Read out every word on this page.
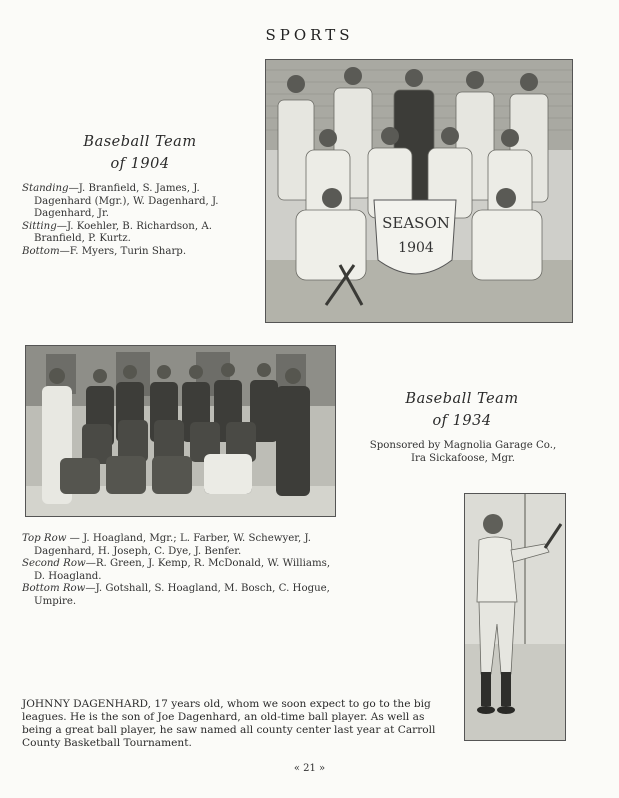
SPORTS
SEASON
1904
Baseball Team
of 1904
Standing—J. Branfield, S. James, J. Dagenhard (Mgr.), W. Dagenhard, J. Dagenhard, Jr.
Sitting—J. Koehler, B. Richardson, A. Branfield, P. Kurtz.
Bottom—F. Myers, Turin Sharp.
Baseball Team
of 1934
Sponsored by Magnolia Garage Co.,
Ira Sickafoose, Mgr.
Top Row — J. Hoagland, Mgr.; L. Farber, W. Schewyer, J. Dagenhard, H. Joseph, C. Dye, J. Benfer.
Second Row—R. Green, J. Kemp, R. McDonald, W. Williams, D. Hoagland.
Bottom Row—J. Gotshall, S. Hoagland, M. Bosch, C. Hogue, Umpire.
JOHNNY DAGENHARD, 17 years old, whom we soon expect to go to the big leagues. He is the son of Joe Dagenhard, an old-time ball player. As well as being a great ball player, he saw named all county center last year at Carroll County Basketball Tournament.
« 21 »
